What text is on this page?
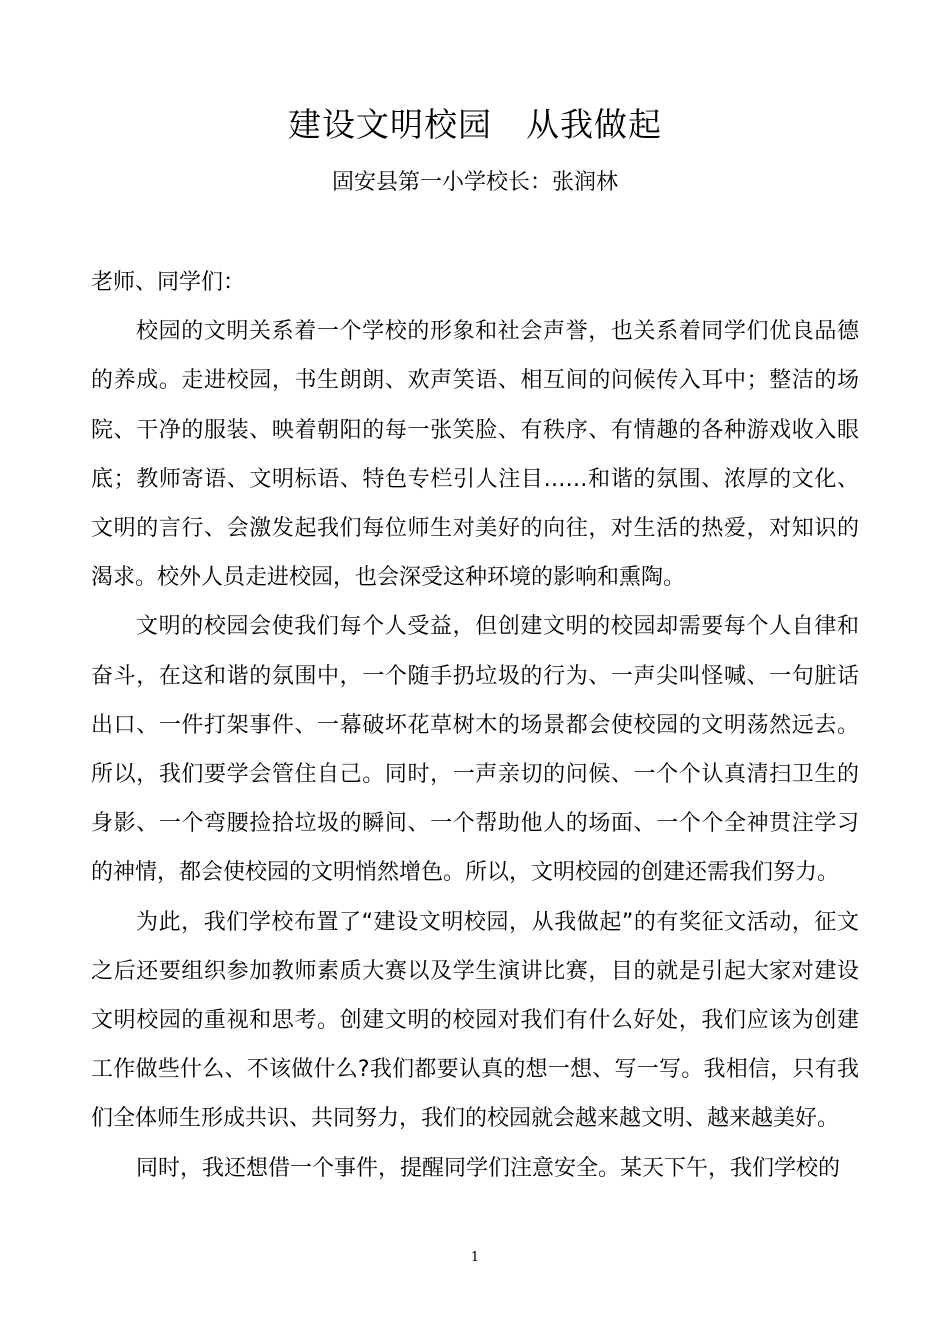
建设文明校园　从我做起
固安县第一小学校长：张润林

老师、同学们：

校园的文明关系着一个学校的形象和社会声誉，也关系着同学们优良品德的养成。走进校园，书生朗朗、欢声笑语、相互间的问候传入耳中；整洁的场院、干净的服装、映着朝阳的每一张笑脸、有秩序、有情趣的各种游戏收入眼底；教师寄语、文明标语、特色专栏引人注目……和谐的氛围、浓厚的文化、文明的言行、会激发起我们每位师生对美好的向往，对生活的热爱，对知识的渴求。校外人员走进校园，也会深受这种环境的影响和熏陶。

文明的校园会使我们每个人受益，但创建文明的校园却需要每个人自律和奋斗，在这和谐的氛围中，一个随手扔垃圾的行为、一声尖叫怪喊、一句脏话出口、一件打架事件、一幕破坏花草树木的场景都会使校园的文明荡然远去。所以，我们要学会管住自己。同时，一声亲切的问候、一个个认真清扫卫生的身影、一个弯腰捡拾垃圾的瞬间、一个帮助他人的场面、一个个全神贯注学习的神情，都会使校园的文明悄然增色。所以，文明校园的创建还需我们努力。

为此，我们学校布置了“建设文明校园，从我做起”的有奖征文活动，征文之后还要组织参加教师素质大赛以及学生演讲比赛，目的就是引起大家对建设文明校园的重视和思考。创建文明的校园对我们有什么好处，我们应该为创建工作做些什么、不该做什么?我们都要认真的想一想、写一写。我相信，只有我们全体师生形成共识、共同努力，我们的校园就会越来越文明、越来越美好。

同时，我还想借一个事件，提醒同学们注意安全。某天下午，我们学校的

1
